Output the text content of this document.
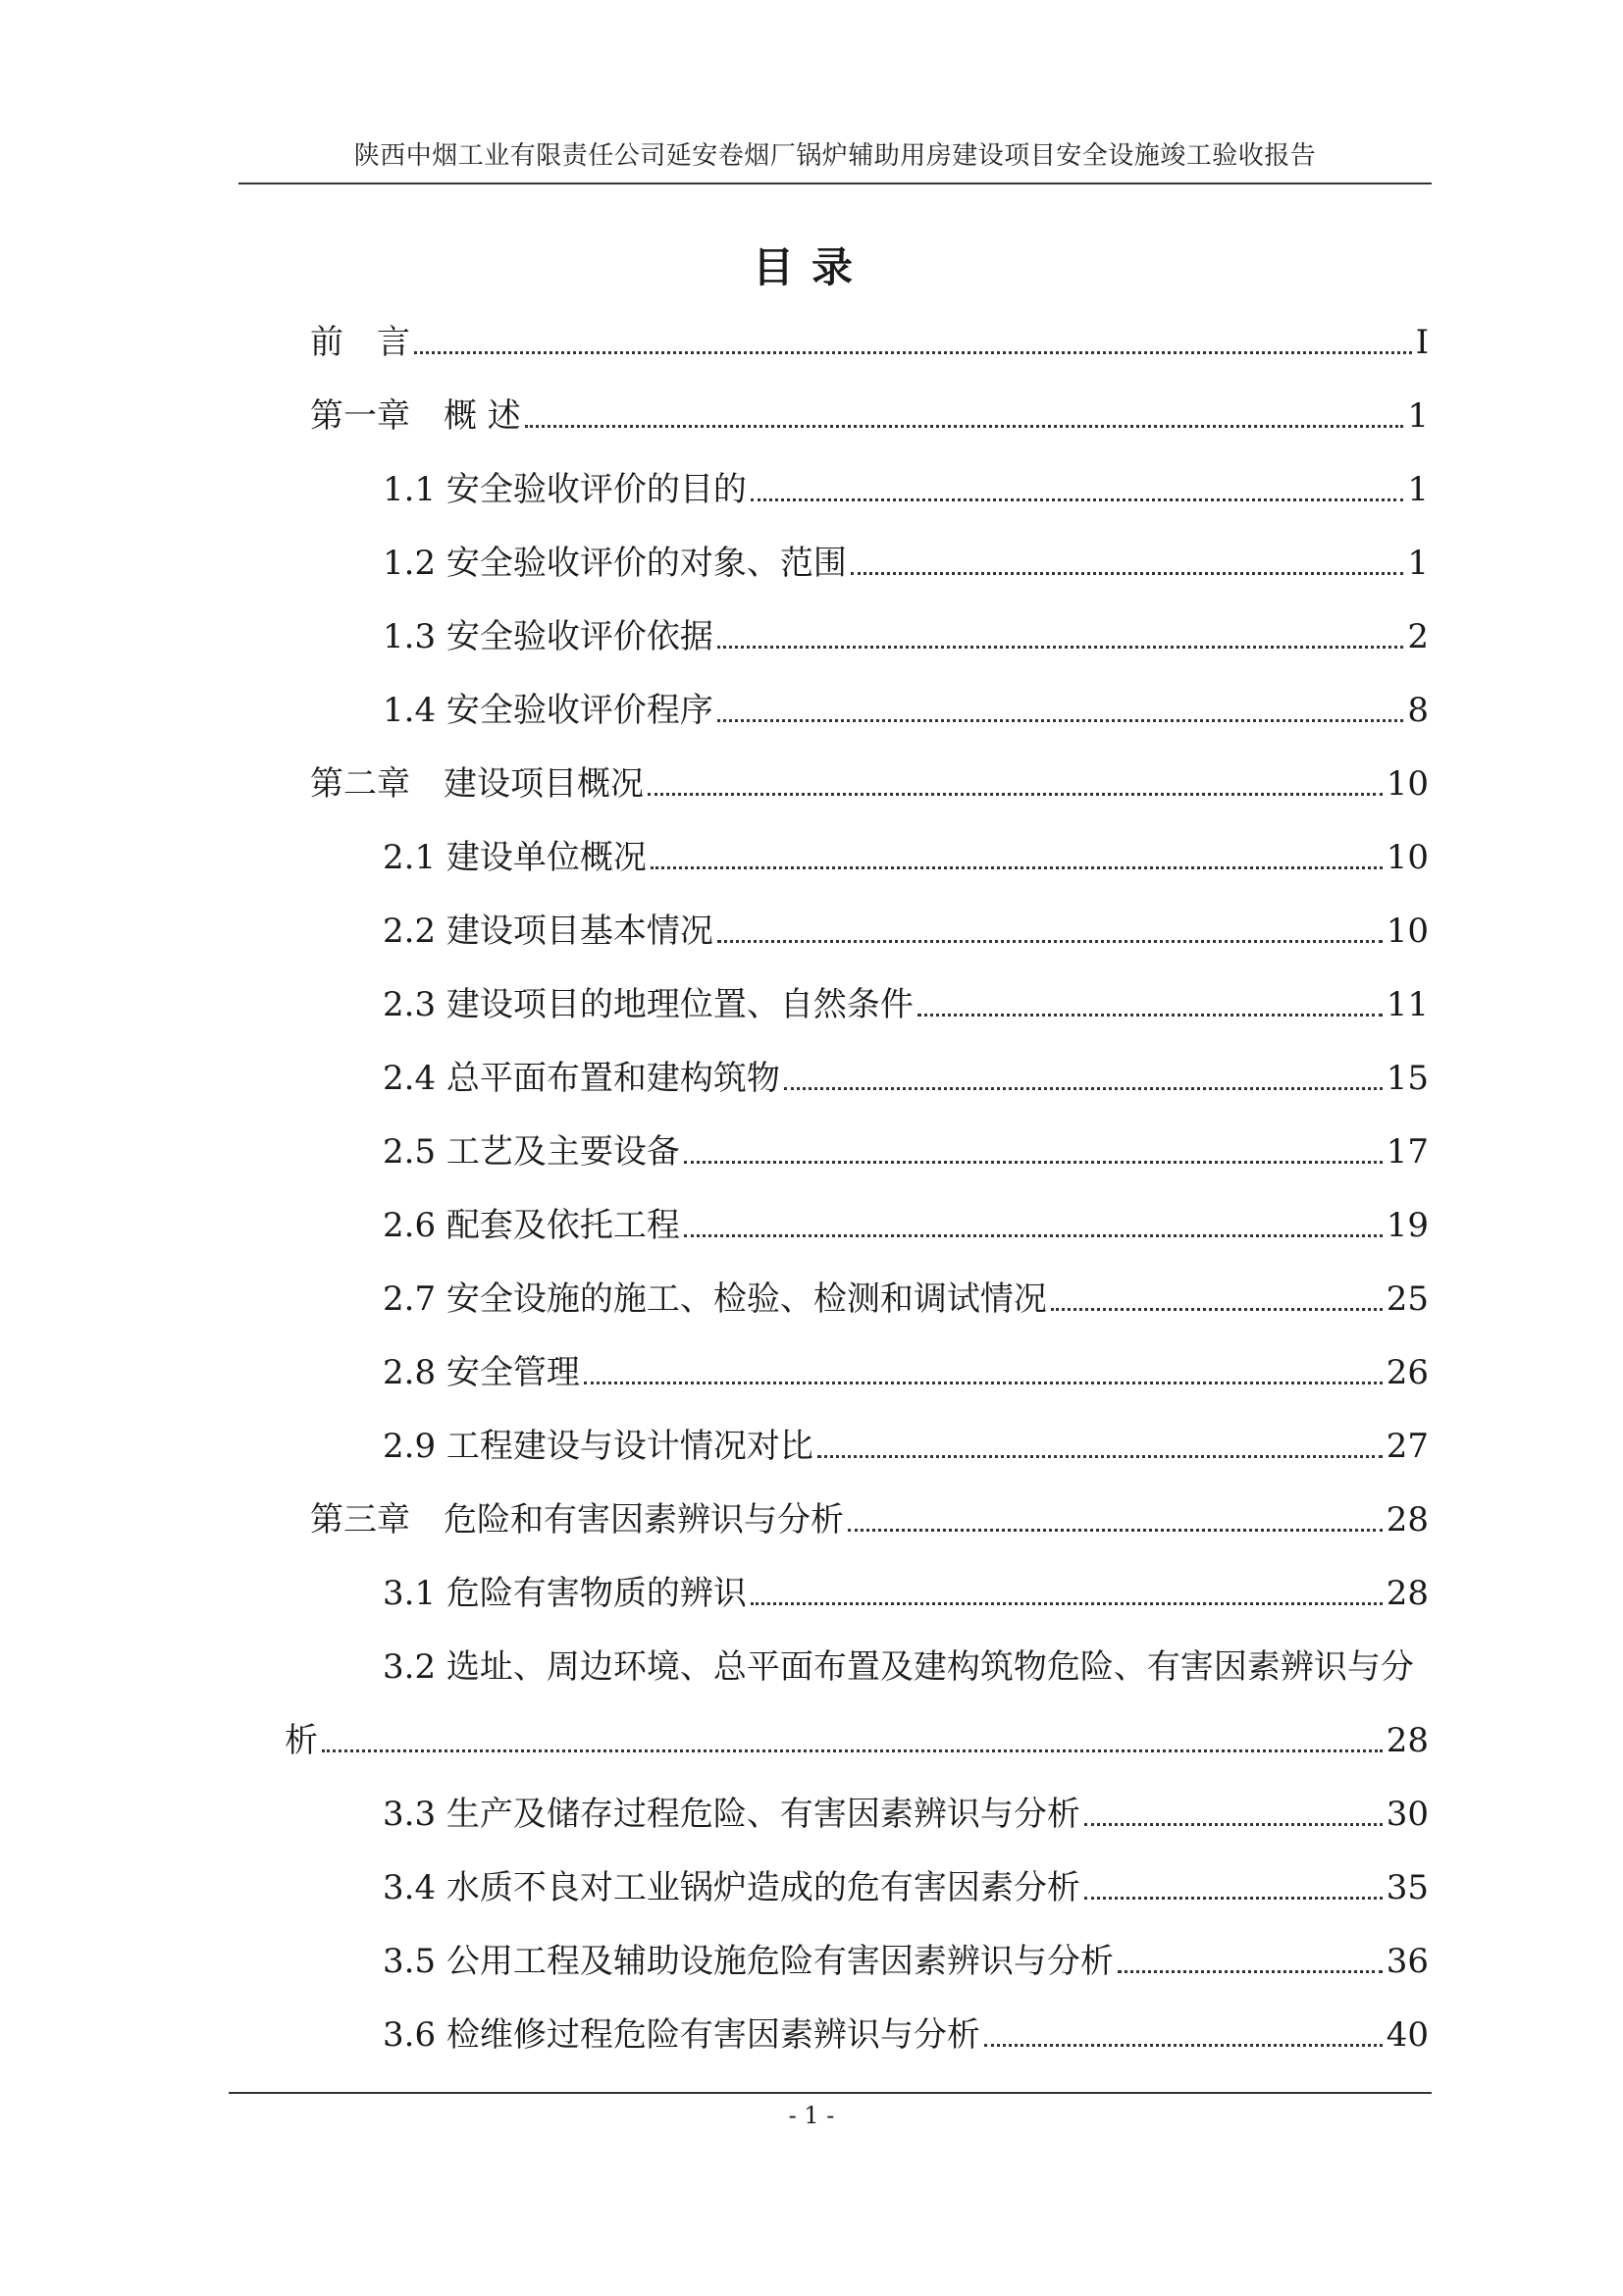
陕西中烟工业有限责任公司延安卷烟厂锅炉辅助用房建设项目安全设施竣工验收报告
目录
前　言	I
第一章　概 述	1
1.1 安全验收评价的目的	1
1.2 安全验收评价的对象、范围	1
1.3 安全验收评价依据	2
1.4 安全验收评价程序	8
第二章　建设项目概况	10
2.1 建设单位概况	10
2.2 建设项目基本情况	10
2.3 建设项目的地理位置、自然条件	11
2.4 总平面布置和建构筑物	15
2.5 工艺及主要设备	17
2.6 配套及依托工程	19
2.7 安全设施的施工、检验、检测和调试情况	25
2.8 安全管理	26
2.9 工程建设与设计情况对比	27
第三章　危险和有害因素辨识与分析	28
3.1 危险有害物质的辨识	28
3.2 选址、周边环境、总平面布置及建构筑物危险、有害因素辨识与分
析	28
3.3 生产及储存过程危险、有害因素辨识与分析	30
3.4 水质不良对工业锅炉造成的危有害因素分析	35
3.5 公用工程及辅助设施危险有害因素辨识与分析	36
3.6 检维修过程危险有害因素辨识与分析	40
- 1 -
